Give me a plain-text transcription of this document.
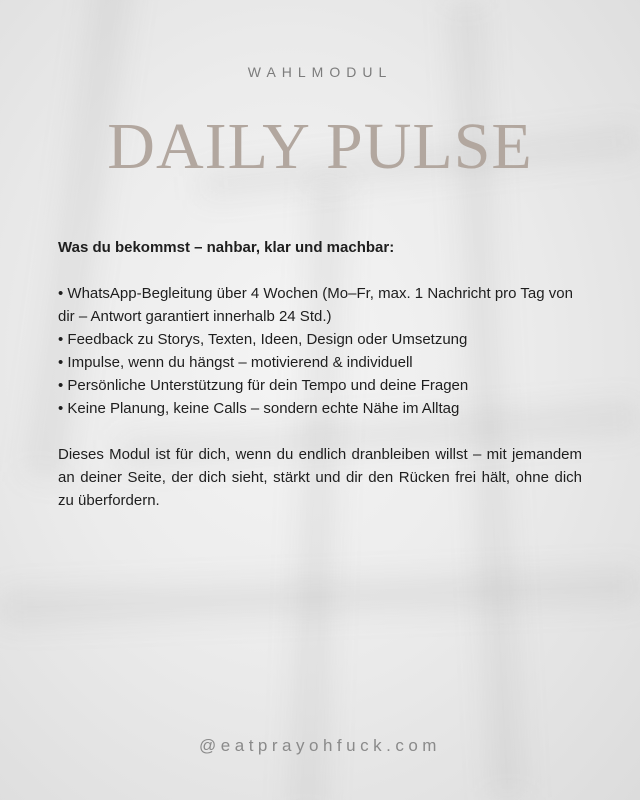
WAHLMODUL
DAILY PULSE

Was du bekommst – nahbar, klar und machbar:

• WhatsApp-Begleitung über 4 Wochen (Mo–Fr, max. 1 Nachricht pro Tag von dir – Antwort garantiert innerhalb 24 Std.)
• Feedback zu Storys, Texten, Ideen, Design oder Umsetzung
• Impulse, wenn du hängst – motivierend & individuell
• Persönliche Unterstützung für dein Tempo und deine Fragen
• Keine Planung, keine Calls – sondern echte Nähe im Alltag

Dieses Modul ist für dich, wenn du endlich dranbleiben willst – mit jemandem an deiner Seite, der dich sieht, stärkt und dir den Rücken frei hält, ohne dich zu überfordern.

@eatprayohfuck.com
